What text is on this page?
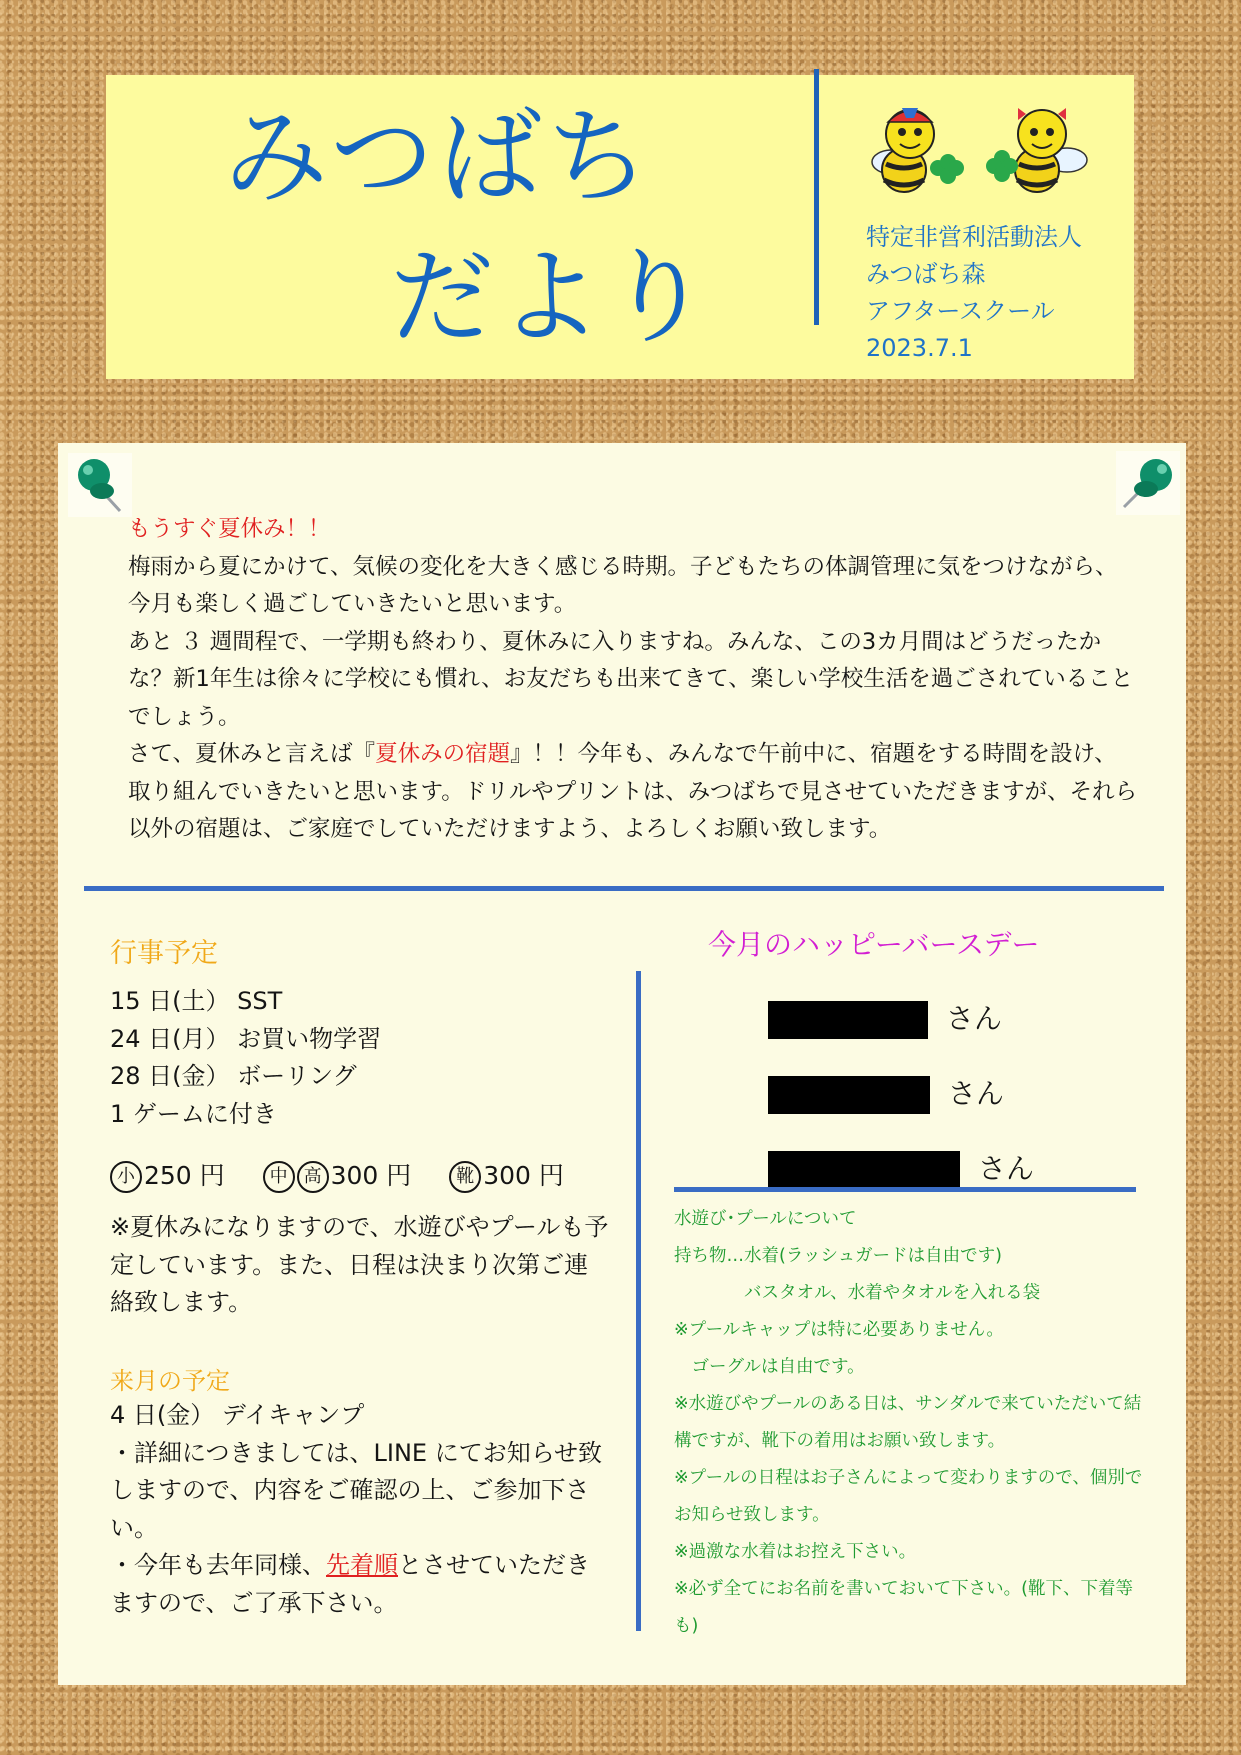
みつばち
だより	特定非営利活動法人
みつばち森
アフタースクール
2023.7.1
もうすぐ夏休み！！

梅雨から夏にかけて、気候の変化を大きく感じる時期。子どもたちの体調管理に気をつけながら、今月も楽しく過ごしていきたいと思います。

あと ３ 週間程で、一学期も終わり、夏休みに入りますね。みんな、この3カ月間はどうだったかな？新1年生は徐々に学校にも慣れ、お友だちも出来てきて、楽しい学校生活を過ごされていることでしょう。

さて、夏休みと言えば『夏休みの宿題』！！今年も、みんなで午前中に、宿題をする時間を設け、取り組んでいきたいと思います。ドリルやプリントは、みつばちで見させていただきますが、それら以外の宿題は、ご家庭でしていただけますよう、よろしくお願い致します。

行事予定
15 日(土） SST
24 日(月） お買い物学習
28 日(金） ボーリング
1 ゲームに付き
小 250 円 中 高 300 円 靴 300 円
※夏休みになりますので、水遊びやプールも予定しています。また、日程は決まり次第ご連絡致します。
来月の予定
4 日(金） デイキャンプ

・詳細につきましては、LINE にてお知らせ致しますので、内容をご確認の上、ご参加下さい。

・今年も去年同様、先着順とさせていただきますので、ご了承下さい。

今月のハッピーバースデー
さん
さん
さん
水遊び･プールについて
持ち物…水着(ラッシュガードは自由です)
　　　　バスタオル、水着やタオルを入れる袋
※プールキャップは特に必要ありません。
　ゴーグルは自由です。
※水遊びやプールのある日は、サンダルで来ていただいて結構ですが、靴下の着用はお願い致します。
※プールの日程はお子さんによって変わりますので、個別でお知らせ致します。
※過激な水着はお控え下さい。
※必ず全てにお名前を書いておいて下さい。(靴下、下着等も)
